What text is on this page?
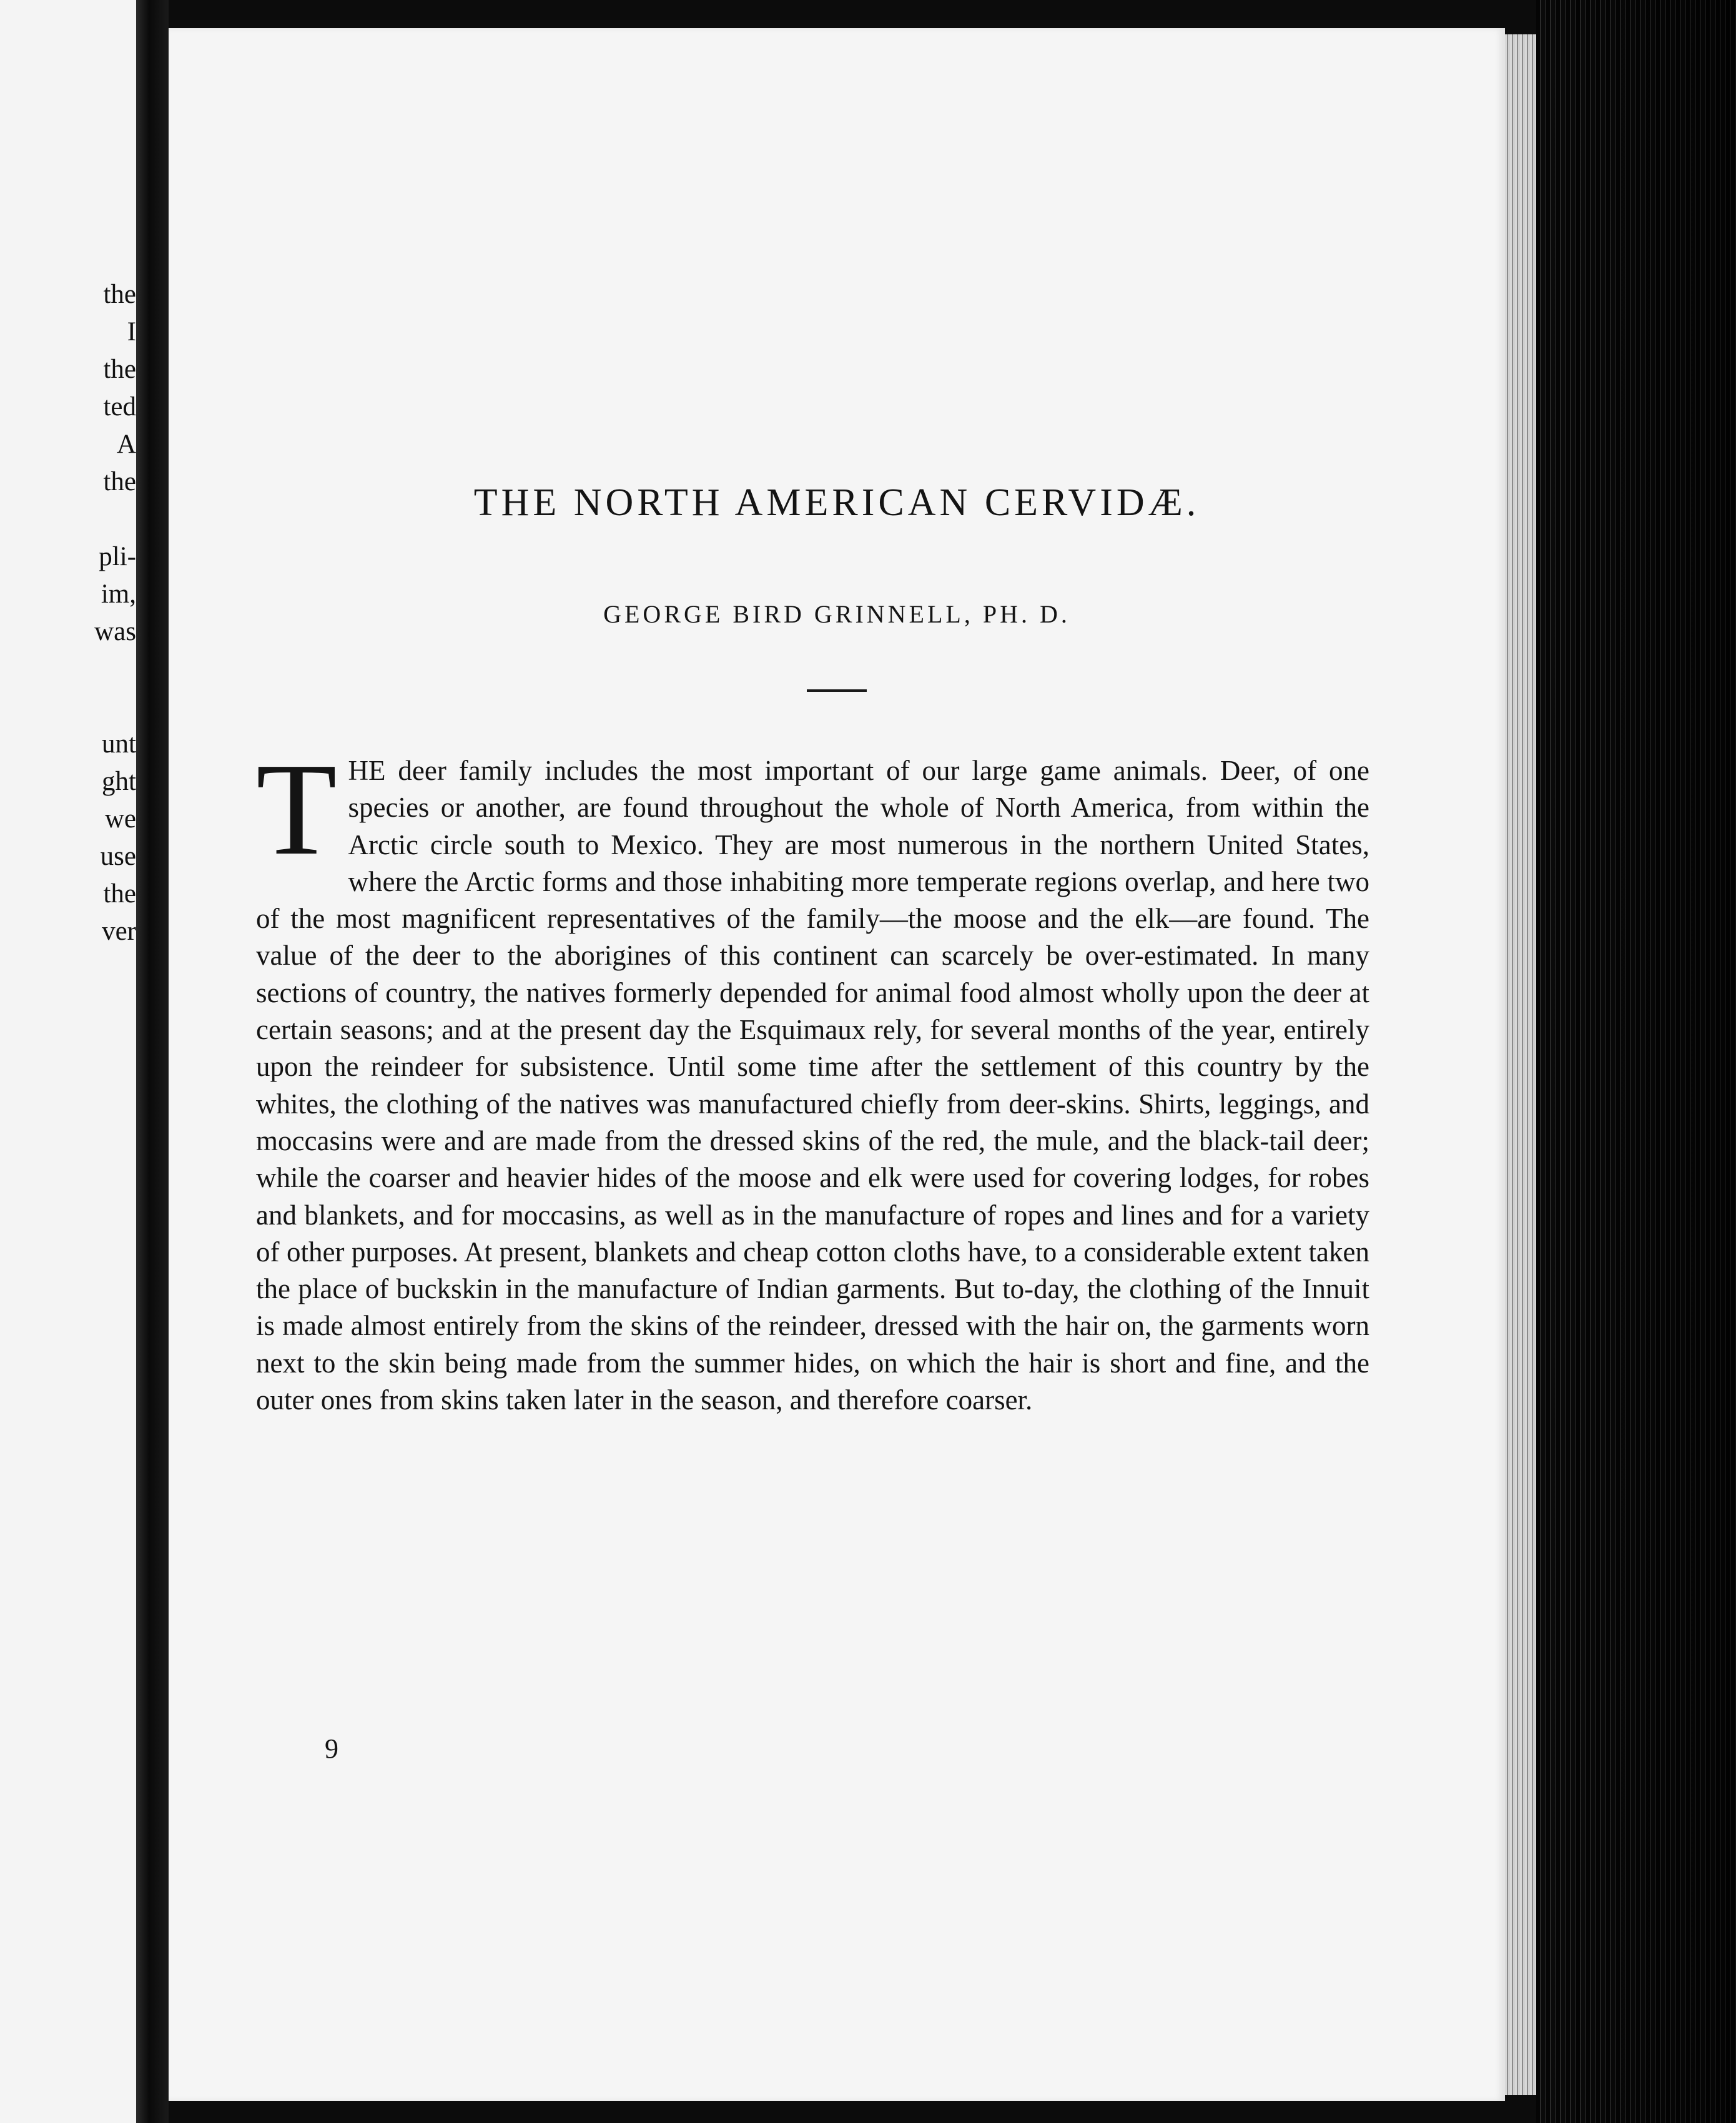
the
I
the
ted
A
the
pli-
im,
was
unt
ght
we
use
the
ver
THE NORTH AMERICAN CERVIDÆ.
GEORGE BIRD GRINNELL, PH. D.

THE deer family includes the most important of our large game animals. Deer, of one species or another, are found throughout the whole of North America, from within the Arctic circle south to Mexico. They are most numerous in the northern United States, where the Arctic forms and those inhabiting more temperate regions overlap, and here two of the most magnificent representatives of the family—the moose and the elk—are found. The value of the deer to the aborigines of this continent can scarcely be over-estimated. In many sections of country, the natives formerly depended for animal food almost wholly upon the deer at certain seasons; and at the present day the Esquimaux rely, for several months of the year, entirely upon the reindeer for subsistence. Until some time after the settlement of this country by the whites, the clothing of the natives was manufactured chiefly from deer-skins. Shirts, leggings, and moccasins were and are made from the dressed skins of the red, the mule, and the black-tail deer; while the coarser and heavier hides of the moose and elk were used for covering lodges, for robes and blankets, and for moccasins, as well as in the manufacture of ropes and lines and for a variety of other purposes. At present, blankets and cheap cotton cloths have, to a considerable extent taken the place of buckskin in the manufacture of Indian garments. But to-day, the clothing of the Innuit is made almost entirely from the skins of the reindeer, dressed with the hair on, the garments worn next to the skin being made from the summer hides, on which the hair is short and fine, and the outer ones from skins taken later in the season, and therefore coarser.

9
